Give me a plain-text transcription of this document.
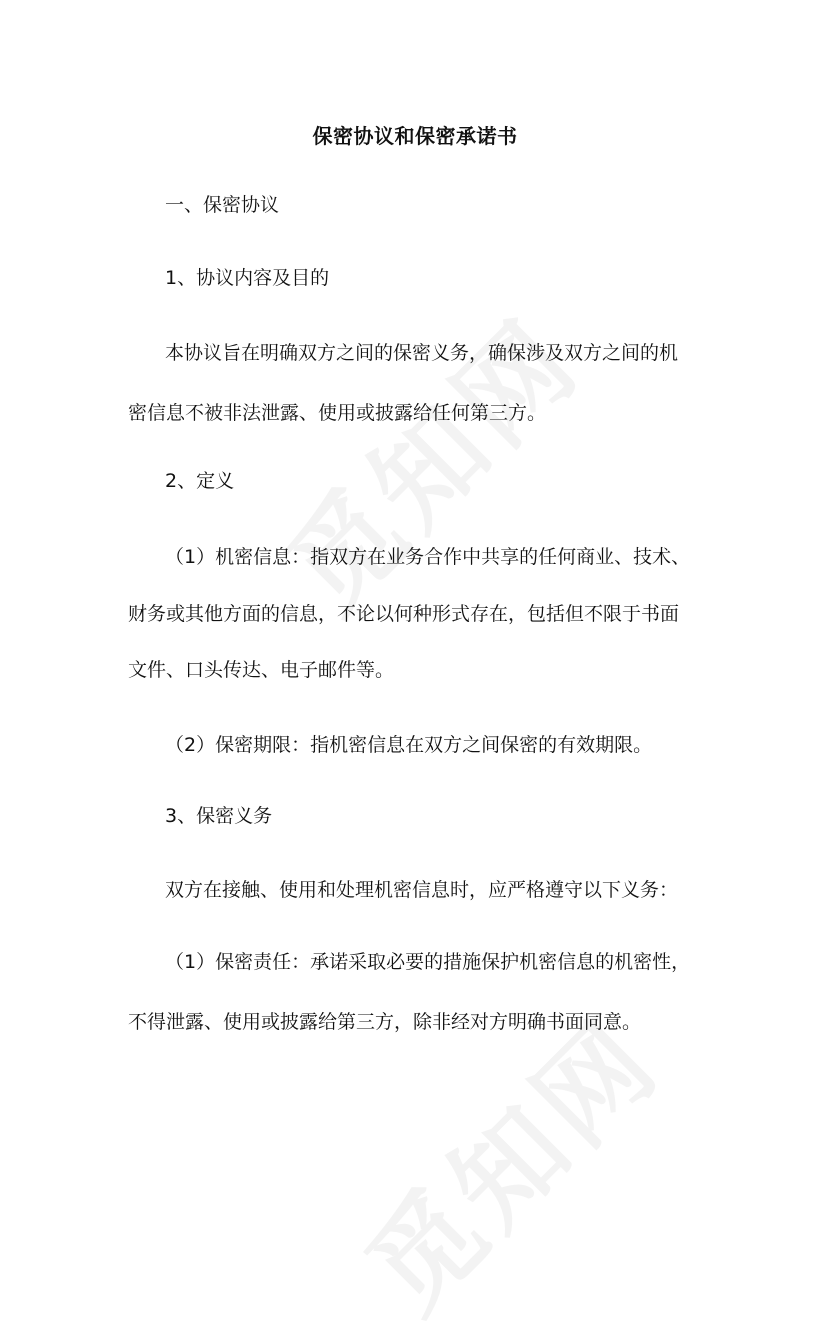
保密协议和保密承诺书
一、保密协议
1、协议内容及目的
本协议旨在明确双方之间的保密义务，确保涉及双方之间的机
密信息不被非法泄露、使用或披露给任何第三方。
2、定义
（1）机密信息：指双方在业务合作中共享的任何商业、技术、
财务或其他方面的信息，不论以何种形式存在，包括但不限于书面
文件、口头传达、电子邮件等。
（2）保密期限：指机密信息在双方之间保密的有效期限。
3、保密义务
双方在接触、使用和处理机密信息时，应严格遵守以下义务：
（1）保密责任：承诺采取必要的措施保护机密信息的机密性，
不得泄露、使用或披露给第三方，除非经对方明确书面同意。
